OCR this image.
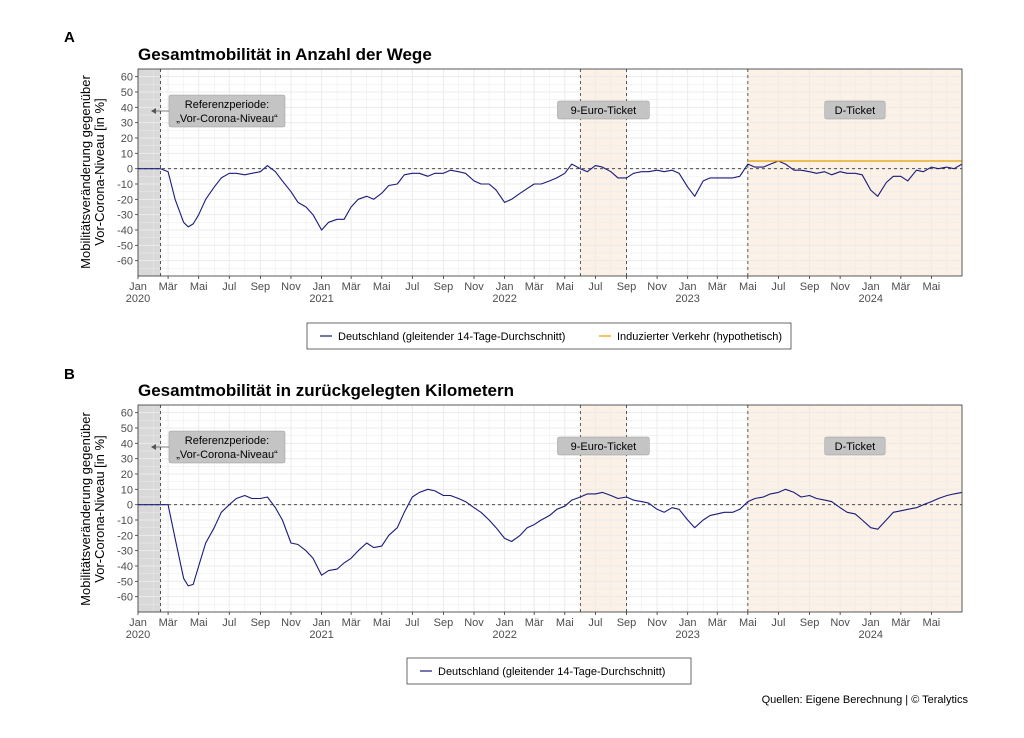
A
Gesamtmobilität in Anzahl der Wege
Mobilitätsveränderung gegenüber Vor-Corona-Niveau [in %]
60
50
40
30
20
10
0
-10
-20
-30
-40
-50
-60
Jan
2020
Mär Mai Jul Sep Nov Jan
2021
Mär Mai Jul Sep Nov Jan
2022
Mär Mai Jul Sep Nov Jan
2023
Mär Mai Jul Sep Nov Jan
2024
Mär Mai
9-Euro-Ticket	D-Ticket
Referenzperiode:
„Vor-Corona-Niveau“
Deutschland (gleitender 14-Tage-Durchschnitt)	Induzierter Verkehr (hypothetisch)
B
Gesamtmobilität in zurückgelegten Kilometern
Mobilitätsveränderung gegenüber Vor-Corona-Niveau [in %]
60
50
40
30
20
10
0
-10
-20
-30
-40
-50
-60
Jan
2020
Mär Mai Jul Sep Nov Jan
2021
Mär Mai Jul Sep Nov Jan
2022
Mär Mai Jul Sep Nov Jan
2023
Mär Mai Jul Sep Nov Jan
2024
Mär Mai
9-Euro-Ticket	D-Ticket
Referenzperiode:
„Vor-Corona-Niveau“
Deutschland (gleitender 14-Tage-Durchschnitt)
Quellen: Eigene Berechnung | © Teralytics
